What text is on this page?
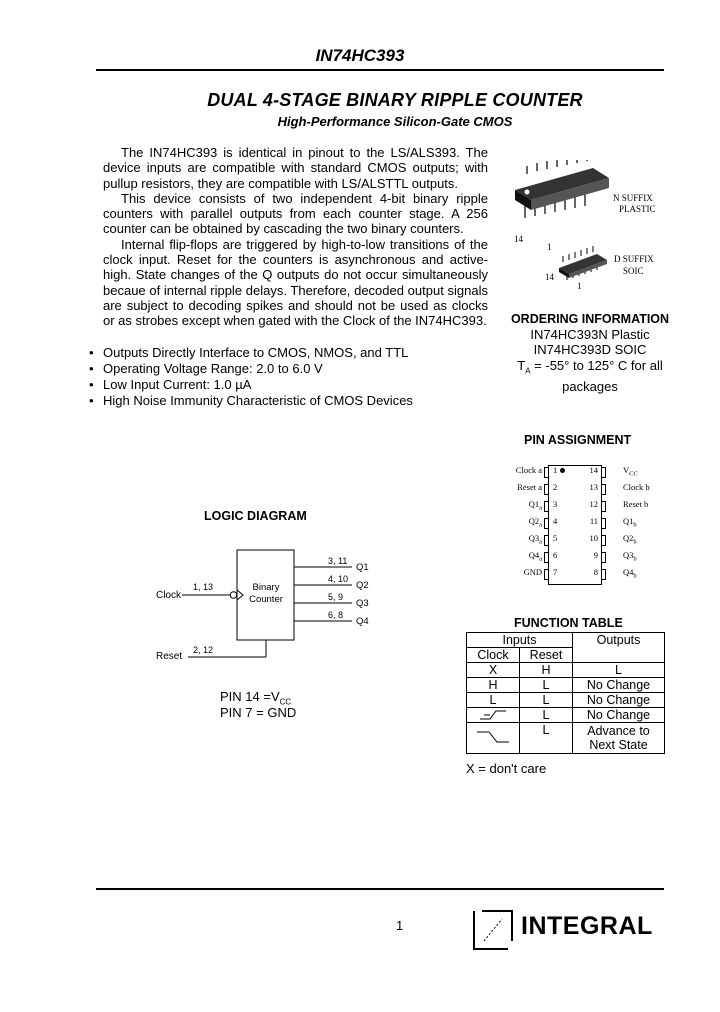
IN74HC393
DUAL 4-STAGE BINARY RIPPLE COUNTER
High-Performance Silicon-Gate CMOS

The IN74HC393 is identical in pinout to the LS/ALS393. The device inputs are compatible with standard CMOS outputs; with pullup resistors, they are compatible with LS/ALSTTL outputs.

This device consists of two independent 4-bit binary ripple counters with parallel outputs from each counter stage. A 256 counter can be obtained by cascading the two binary counters.

Internal flip-flops are triggered by high-to-low transitions of the clock input. Reset for the counters is asynchronous and active-high. State changes of the Q outputs do not occur simultaneously becaue of internal ripple delays. Therefore, decoded output signals are subject to decoding spikes and should not be used as clocks or as strobes except when gated with the Clock of the IN74HC393.

• Outputs Directly Interface to CMOS, NMOS, and TTL
• Operating Voltage Range: 2.0 to 6.0 V
• Low Input Current: 1.0 µA
• High Noise Immunity Characteristic of CMOS Devices
N SUFFIX
PLASTIC
D SUFFIX
SOIC
14
1
14
1
ORDERING INFORMATION
IN74HC393N Plastic
IN74HC393D SOIC
$T_A = -55^\circ$ to 125° C for all packages
PIN ASSIGNMENT
Clock a 1	14	$V_{CC}$
Reset a 2	13	Clock b
$Q1_a$ 3	12	Reset b
$Q2_a$ 4	11	$Q1_b$
$Q3_a$ 5	10	$Q2_b$
$Q4_a$ 6	9	$Q3_b$
GND 7	8	$Q4_b$
LOGIC DIAGRAM
Binary
Counter
Clock
1, 13
Reset
2, 12
3, 11
Q1
4, 10
Q2
5, 9
Q3
6, 8
Q4
PIN $14 =V_{CC}$
PIN 7 = GND
FUNCTION TABLE
Inputs		Outputs
Clock	Reset	
X	H	L
H	L	No Change
L	L	No Change

	L	No Change

	L	Advance to
Next State
X = don't care
1	INTEGRAL
